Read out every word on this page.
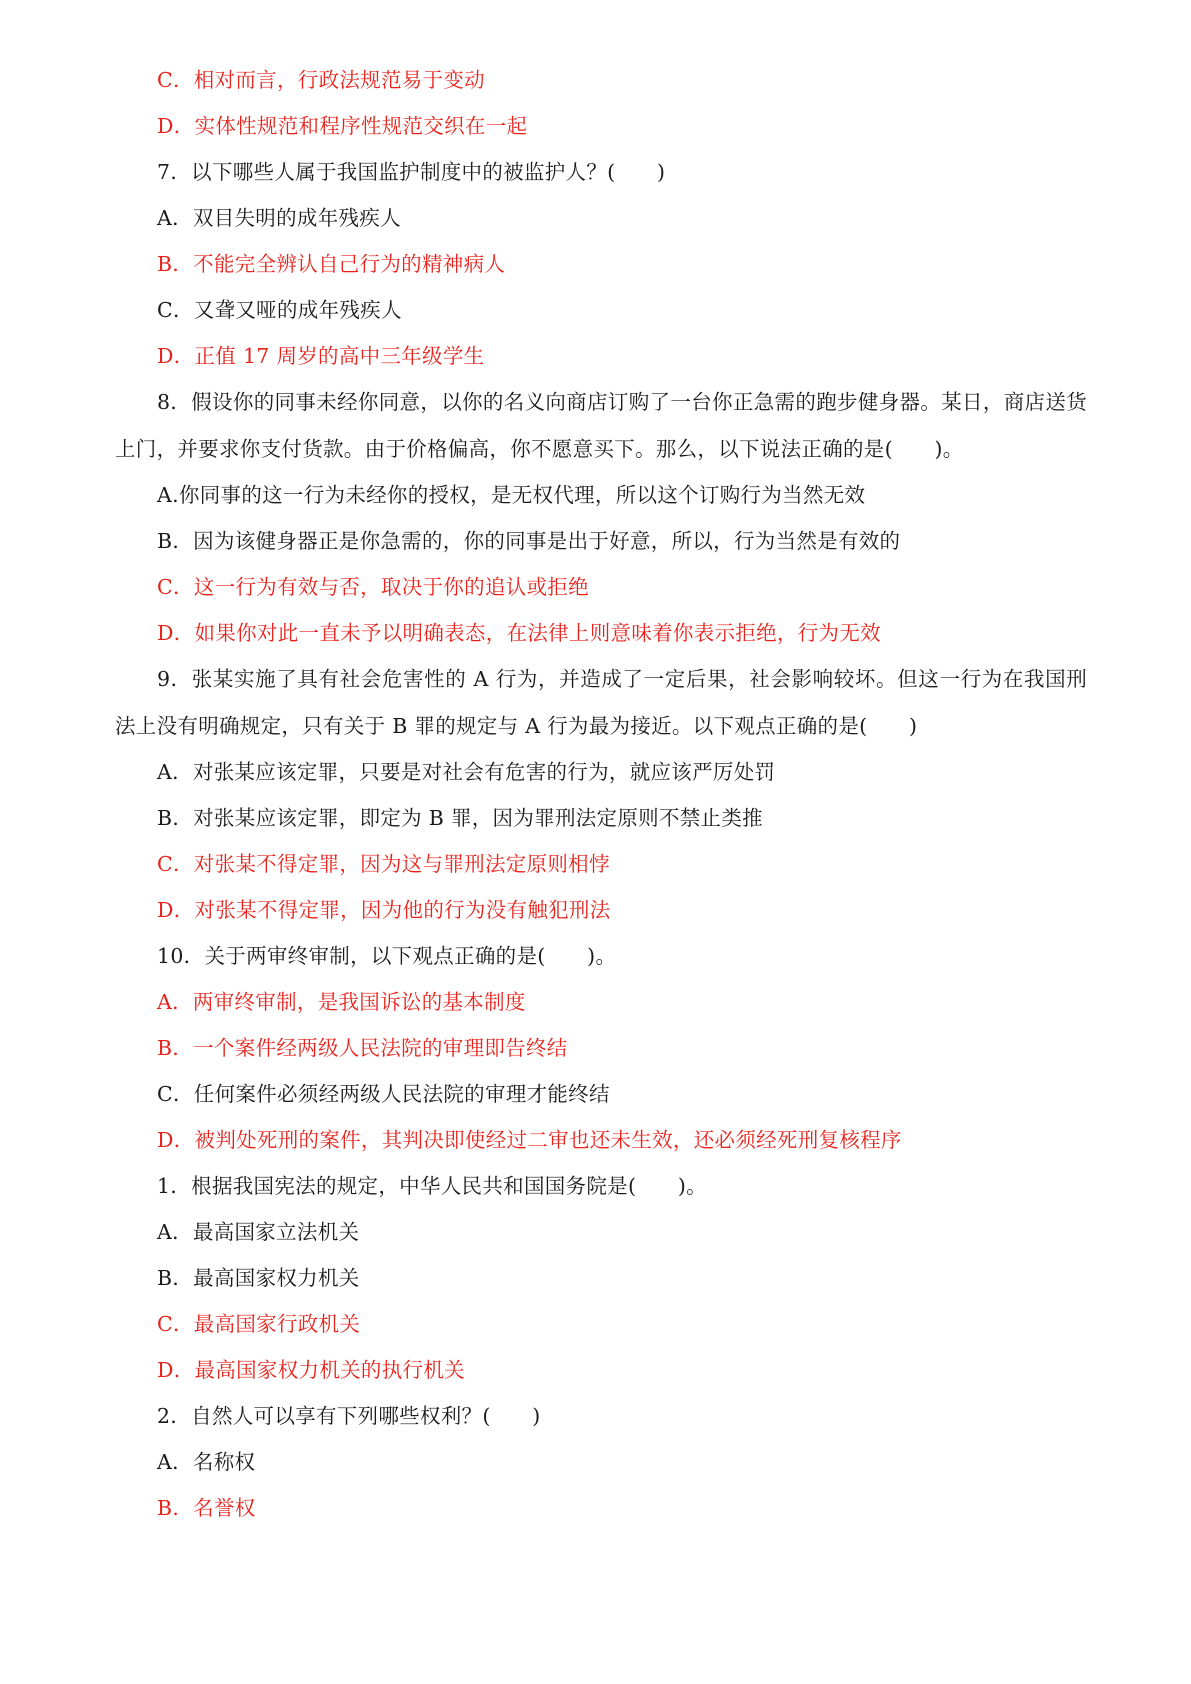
C．相对而言，行政法规范易于变动
D．实体性规范和程序性规范交织在一起
7．以下哪些人属于我国监护制度中的被监护人？(　　)
A．双目失明的成年残疾人
B．不能完全辨认自己行为的精神病人
C．又聋又哑的成年残疾人
D．正值 17 周岁的高中三年级学生
8．假设你的同事未经你同意，以你的名义向商店订购了一台你正急需的跑步健身器。某日，商店送货上门，并要求你支付货款。由于价格偏高，你不愿意买下。那么，以下说法正确的是(　　)。
A.你同事的这一行为未经你的授权，是无权代理，所以这个订购行为当然无效
B．因为该健身器正是你急需的，你的同事是出于好意，所以，行为当然是有效的
C．这一行为有效与否，取决于你的追认或拒绝
D．如果你对此一直未予以明确表态，在法律上则意味着你表示拒绝，行为无效
9．张某实施了具有社会危害性的 A 行为，并造成了一定后果，社会影响较坏。但这一行为在我国刑法上没有明确规定，只有关于 B 罪的规定与 A 行为最为接近。以下观点正确的是(　　)
A．对张某应该定罪，只要是对社会有危害的行为，就应该严厉处罚
B．对张某应该定罪，即定为 B 罪，因为罪刑法定原则不禁止类推
C．对张某不得定罪，因为这与罪刑法定原则相悖
D．对张某不得定罪，因为他的行为没有触犯刑法
10．关于两审终审制，以下观点正确的是(　　)。
A．两审终审制，是我国诉讼的基本制度
B．一个案件经两级人民法院的审理即告终结
C．任何案件必须经两级人民法院的审理才能终结
D．被判处死刑的案件，其判决即使经过二审也还未生效，还必须经死刑复核程序
1．根据我国宪法的规定，中华人民共和国国务院是(　　)。
A．最高国家立法机关
B．最高国家权力机关
C．最高国家行政机关
D．最高国家权力机关的执行机关
2．自然人可以享有下列哪些权利？(　　)
A．名称权
B．名誉权
